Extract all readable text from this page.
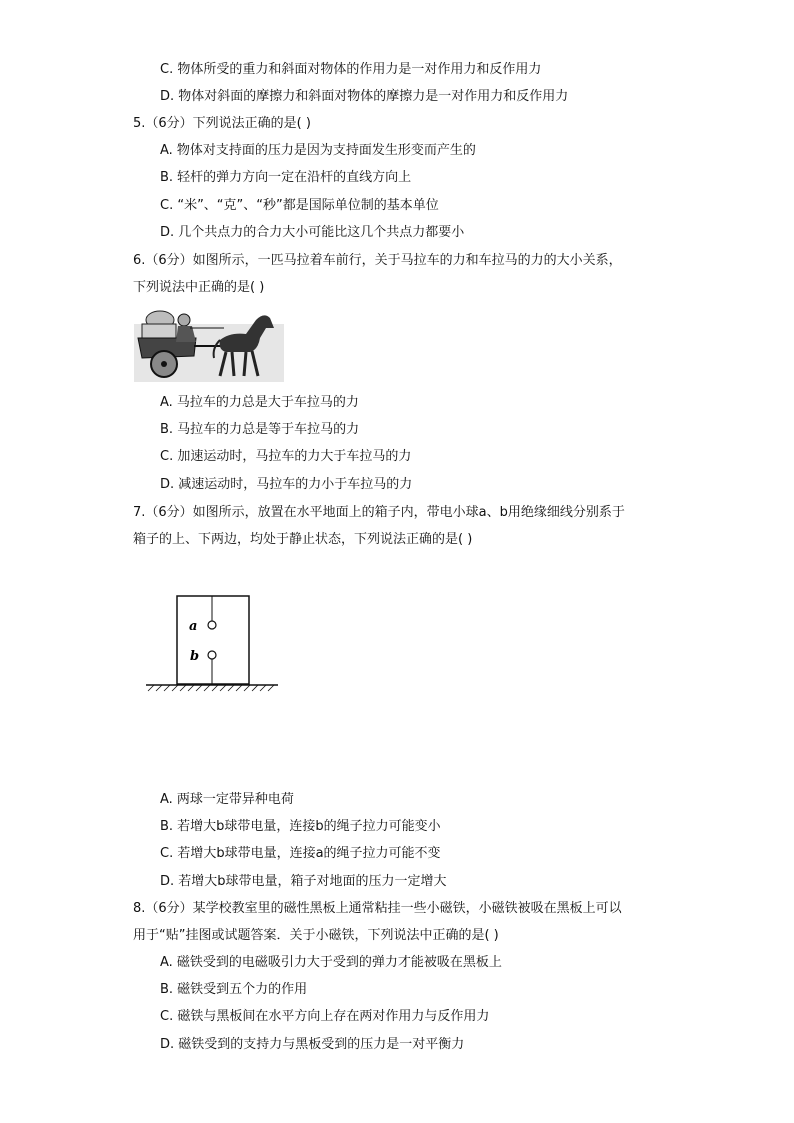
C. 物体所受的重力和斜面对物体的作用力是一对作用力和反作用力
D. 物体对斜面的摩擦力和斜面对物体的摩擦力是一对作用力和反作用力
5.（6分）下列说法正确的是( )
A. 物体对支持面的压力是因为支持面发生形变而产生的
B. 轻杆的弹力方向一定在沿杆的直线方向上
C. “米”、“克”、“秒”都是国际单位制的基本单位
D. 几个共点力的合力大小可能比这几个共点力都要小
6.（6分）如图所示，一匹马拉着车前行，关于马拉车的力和车拉马的力的大小关系，
下列说法中正确的是( )
A. 马拉车的力总是大于车拉马的力
B. 马拉车的力总是等于车拉马的力
C. 加速运动时，马拉车的力大于车拉马的力
D. 减速运动时，马拉车的力小于车拉马的力
7.（6分）如图所示，放置在水平地面上的箱子内，带电小球a、b用绝缘细线分别系于
箱子的上、下两边，均处于静止状态，下列说法正确的是( )
a
b
A. 两球一定带异种电荷
B. 若增大b球带电量，连接b的绳子拉力可能变小
C. 若增大b球带电量，连接a的绳子拉力可能不变
D. 若增大b球带电量，箱子对地面的压力一定增大
8.（6分）某学校教室里的磁性黑板上通常粘挂一些小磁铁，小磁铁被吸在黑板上可以
用于“贴”挂图或试题答案．关于小磁铁，下列说法中正确的是( )
A. 磁铁受到的电磁吸引力大于受到的弹力才能被吸在黑板上
B. 磁铁受到五个力的作用
C. 磁铁与黑板间在水平方向上存在两对作用力与反作用力
D. 磁铁受到的支持力与黑板受到的压力是一对平衡力
